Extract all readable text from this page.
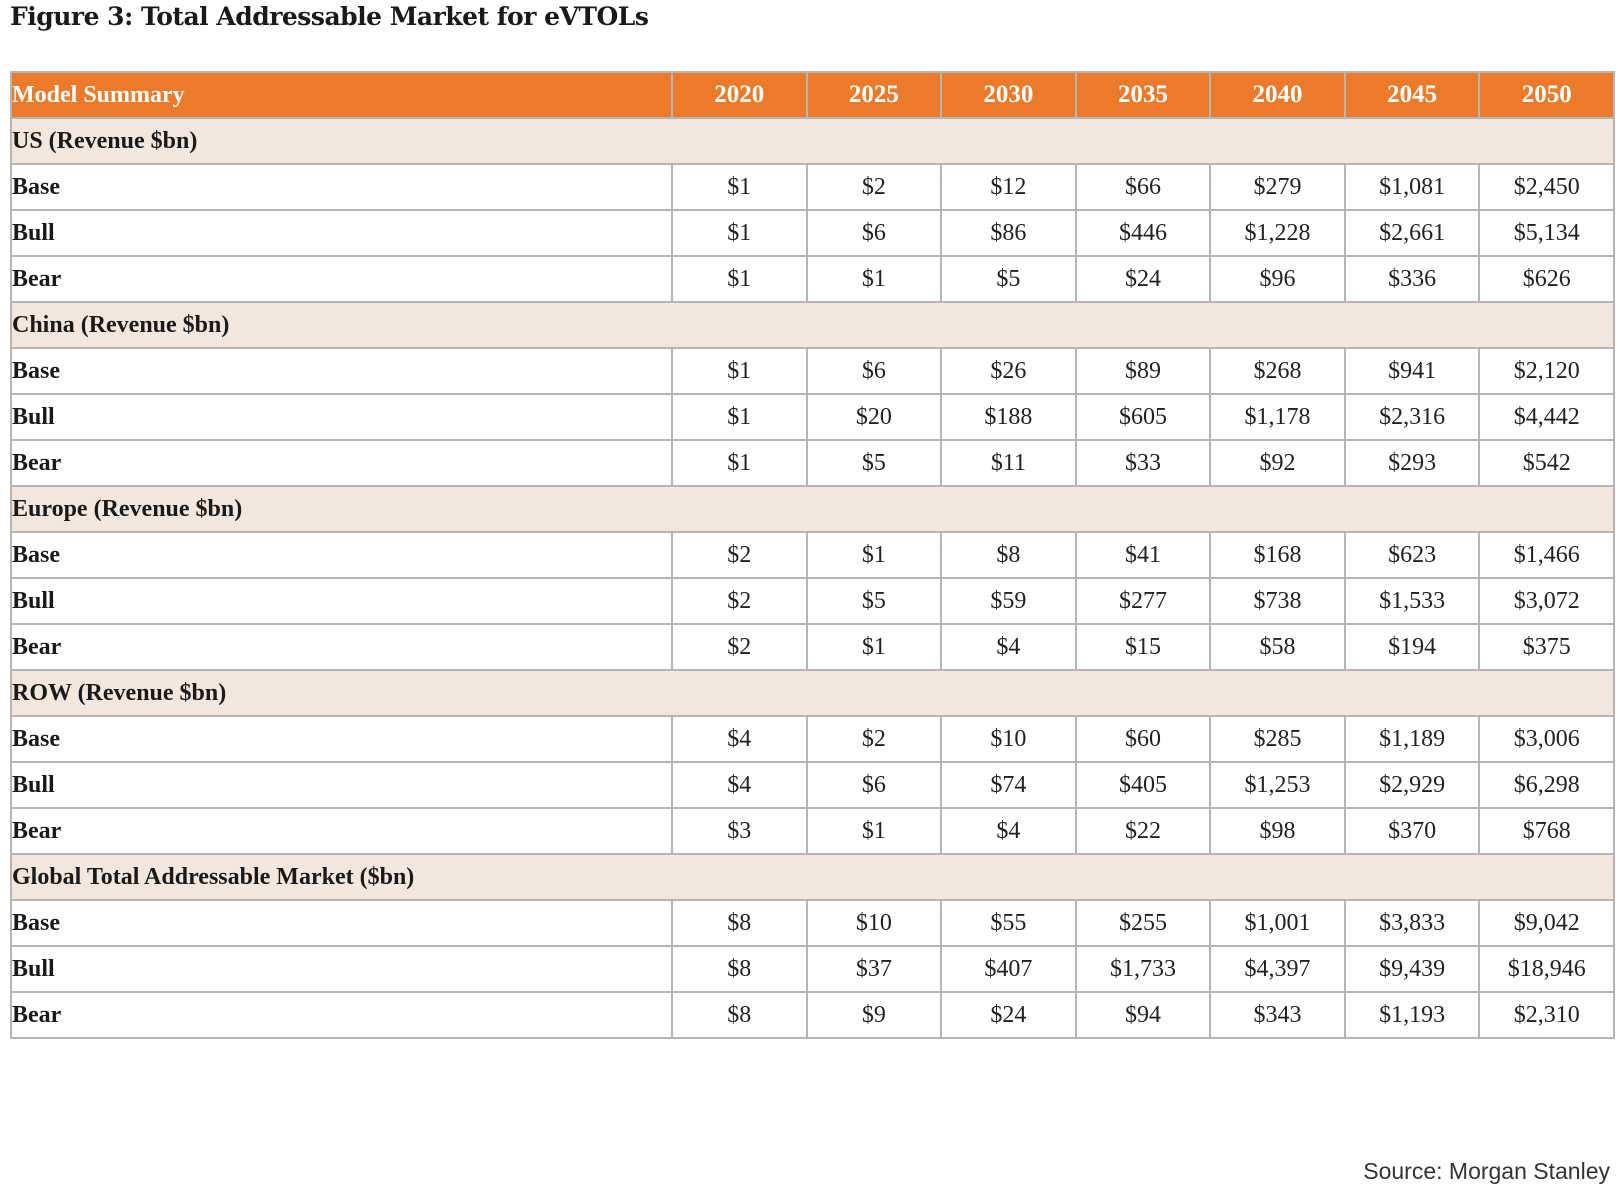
Figure 3: Total Addressable Market for eVTOLs
Model Summary	2020	2025	2030	2035	2040	2045	2050
US (Revenue $bn)							
Base	$1	$2	$12	$66	$279	$1,081	$2,450
Bull	$1	$6	$86	$446	$1,228	$2,661	$5,134
Bear	$1	$1	$5	$24	$96	$336	$626
China (Revenue $bn)							
Base	$1	$6	$26	$89	$268	$941	$2,120
Bull	$1	$20	$188	$605	$1,178	$2,316	$4,442
Bear	$1	$5	$11	$33	$92	$293	$542
Europe (Revenue $bn)							
Base	$2	$1	$8	$41	$168	$623	$1,466
Bull	$2	$5	$59	$277	$738	$1,533	$3,072
Bear	$2	$1	$4	$15	$58	$194	$375
ROW (Revenue $bn)							
Base	$4	$2	$10	$60	$285	$1,189	$3,006
Bull	$4	$6	$74	$405	$1,253	$2,929	$6,298
Bear	$3	$1	$4	$22	$98	$370	$768
Global Total Addressable Market ($bn)							
Base	$8	$10	$55	$255	$1,001	$3,833	$9,042
Bull	$8	$37	$407	$1,733	$4,397	$9,439	$18,946
Bear	$8	$9	$24	$94	$343	$1,193	$2,310
Source: Morgan Stanley
